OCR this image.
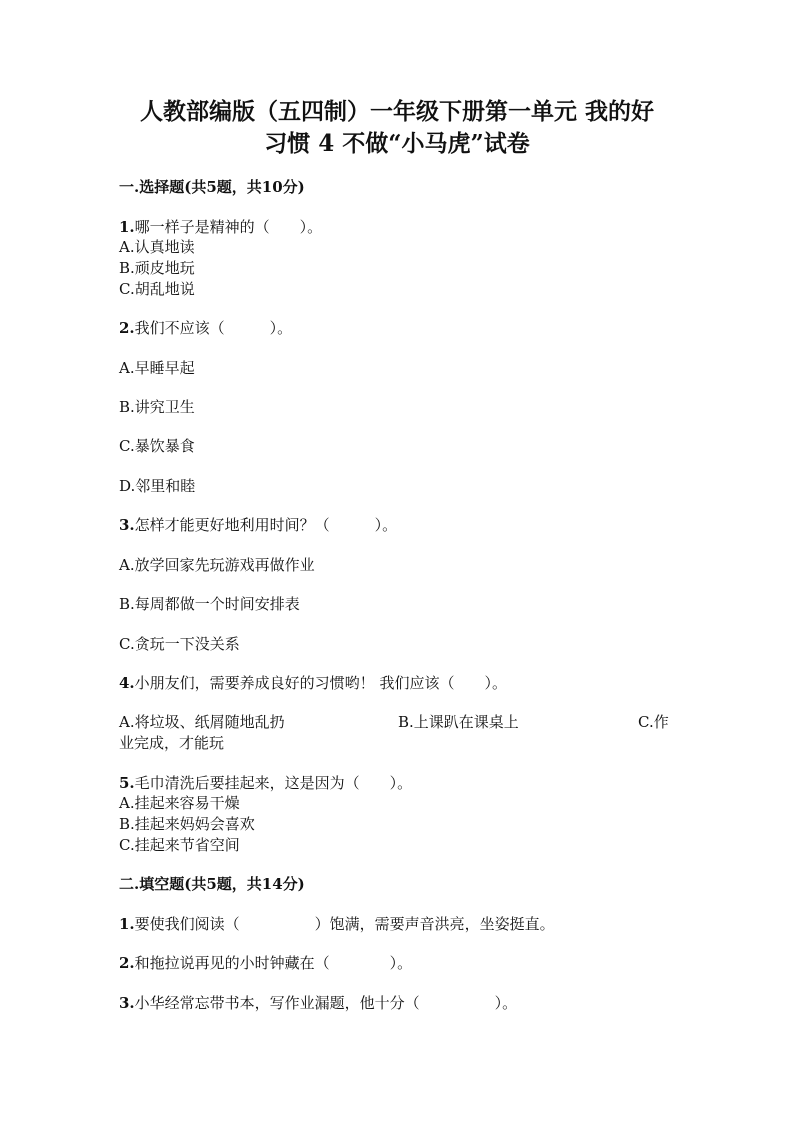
人教部编版（五四制）一年级下册第一单元 我的好
习惯 4 不做“小马虎”试卷
一.选择题(共5题，共10分)
1.哪一样子是精神的（　　）。
A.认真地读
B.顽皮地玩
C.胡乱地说
2.我们不应该（　　　）。
A.早睡早起
B.讲究卫生
C.暴饮暴食
D.邻里和睦
3.怎样才能更好地利用时间？（　　　）。
A.放学回家先玩游戏再做作业
B.每周都做一个时间安排表
C.贪玩一下没关系
4.小朋友们，需要养成良好的习惯哟！ 我们应该（　　）。
A.将垃圾、纸屑随地乱扔	B.上课趴在课桌上	C.作
业完成，才能玩
5.毛巾清洗后要挂起来，这是因为（　　）。
A.挂起来容易干燥
B.挂起来妈妈会喜欢
C.挂起来节省空间
二.填空题(共5题，共14分)
1.要使我们阅读（　　　　　）饱满，需要声音洪亮，坐姿挺直。
2.和拖拉说再见的小时钟藏在（　　　　）。
3.小华经常忘带书本，写作业漏题，他十分（　　　　　）。
